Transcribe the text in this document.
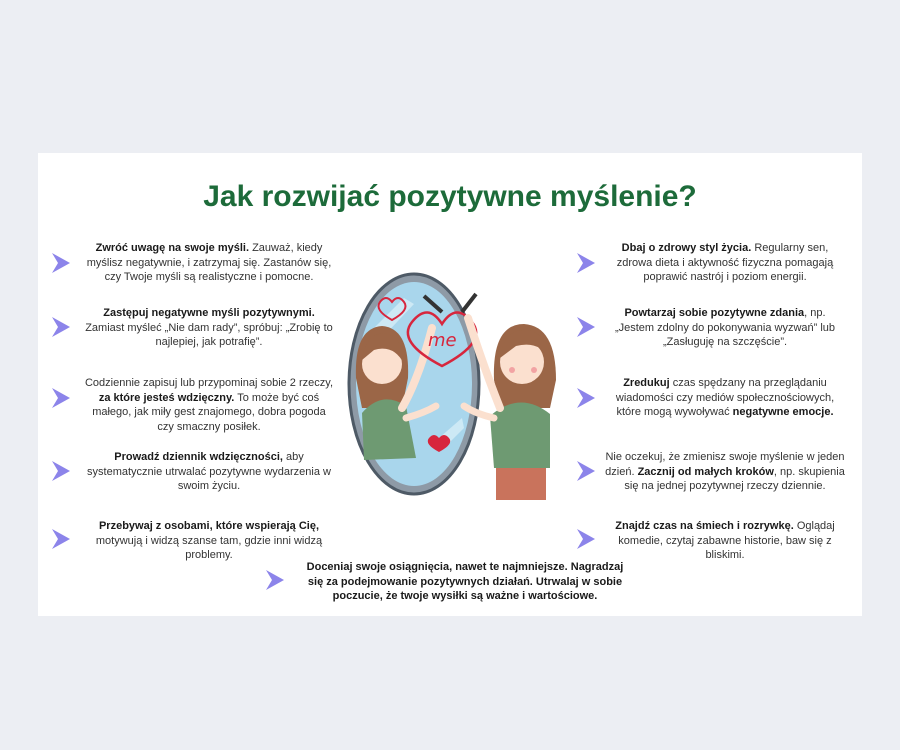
Jak rozwijać pozytywne myślenie?
Zwróć uwagę na swoje myśli. Zauważ, kiedy myślisz negatywnie, i zatrzymaj się. Zastanów się, czy Twoje myśli są realistyczne i pomocne.
Zastępuj negatywne myśli pozytywnymi. Zamiast myśleć „Nie dam rady”, spróbuj: „Zrobię to najlepiej, jak potrafię”.
Codziennie zapisuj lub przypominaj sobie 2 rzeczy, za które jesteś wdzięczny. To może być coś małego, jak miły gest znajomego, dobra pogoda czy smaczny posiłek.
Prowadź dziennik wdzięczności, aby systematycznie utrwalać pozytywne wydarzenia w swoim życiu.
Przebywaj z osobami, które wspierają Cię, motywują i widzą szanse tam, gdzie inni widzą problemy.
me
Dbaj o zdrowy styl życia. Regularny sen, zdrowa dieta i aktywność fizyczna pomagają poprawić nastrój i poziom energii.
Powtarzaj sobie pozytywne zdania, np. „Jestem zdolny do pokonywania wyzwań” lub „Zasługuję na szczęście”.
Zredukuj czas spędzany na przeglądaniu wiadomości czy mediów społecznościowych, które mogą wywoływać negatywne emocje.
Nie oczekuj, że zmienisz swoje myślenie w jeden dzień. Zacznij od małych kroków, np. skupienia się na jednej pozytywnej rzeczy dziennie.
Znajdź czas na śmiech i rozrywkę. Oglądaj komedie, czytaj zabawne historie, baw się z bliskimi.
Doceniaj swoje osiągnięcia, nawet te najmniejsze. Nagradzaj się za podejmowanie pozytywnych działań. Utrwalaj w sobie poczucie, że twoje wysiłki są ważne i wartościowe.
